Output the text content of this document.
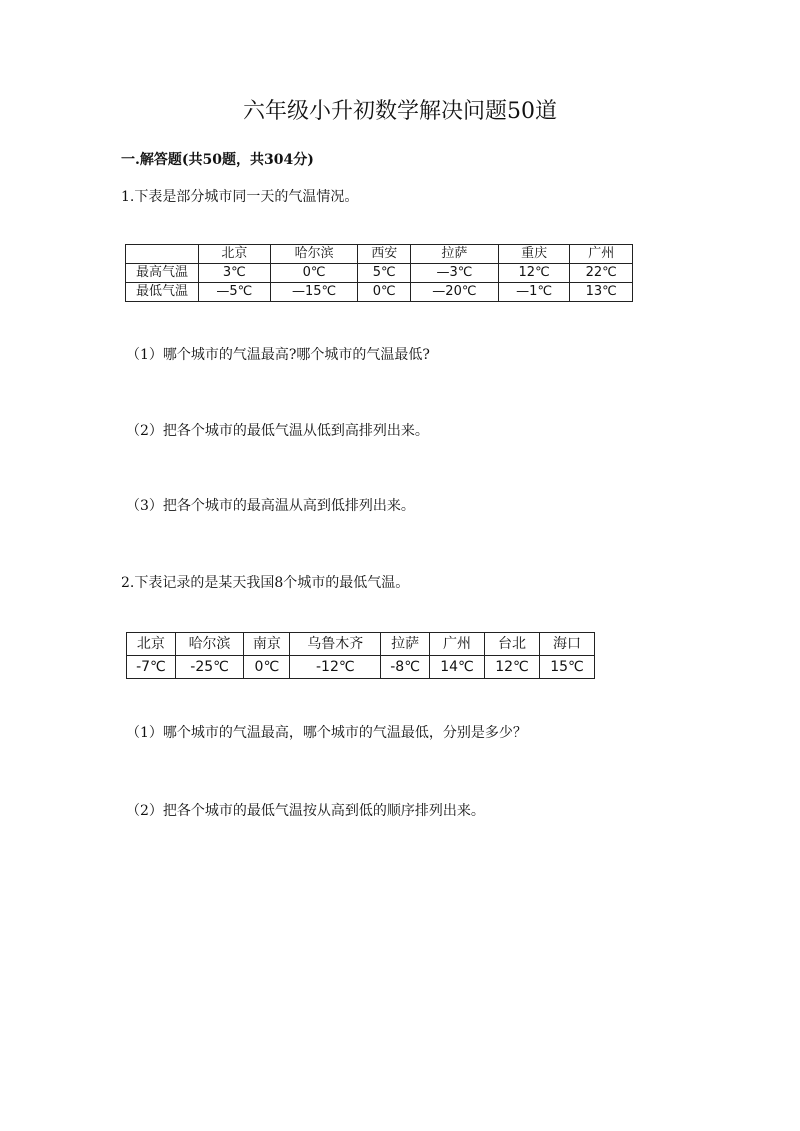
六年级小升初数学解决问题50道
一.解答题(共50题，共304分)
1.下表是部分城市同一天的气温情况。
	北京	哈尔滨	西安	拉萨	重庆	广州
最高气温	3℃	0℃	5℃	—3℃	12℃	22℃
最低气温	—5℃	—15℃	0℃	—20℃	—1℃	13℃
（1）哪个城市的气温最高?哪个城市的气温最低?
（2）把各个城市的最低气温从低到高排列出来。
（3）把各个城市的最高温从高到低排列出来。
2.下表记录的是某天我国8个城市的最低气温。
北京	哈尔滨	南京	乌鲁木齐	拉萨	广州	台北	海口
-7℃	-25℃	0℃	-12℃	-8℃	14℃	12℃	15℃
（1）哪个城市的气温最高，哪个城市的气温最低，分别是多少？
（2）把各个城市的最低气温按从高到低的顺序排列出来。
